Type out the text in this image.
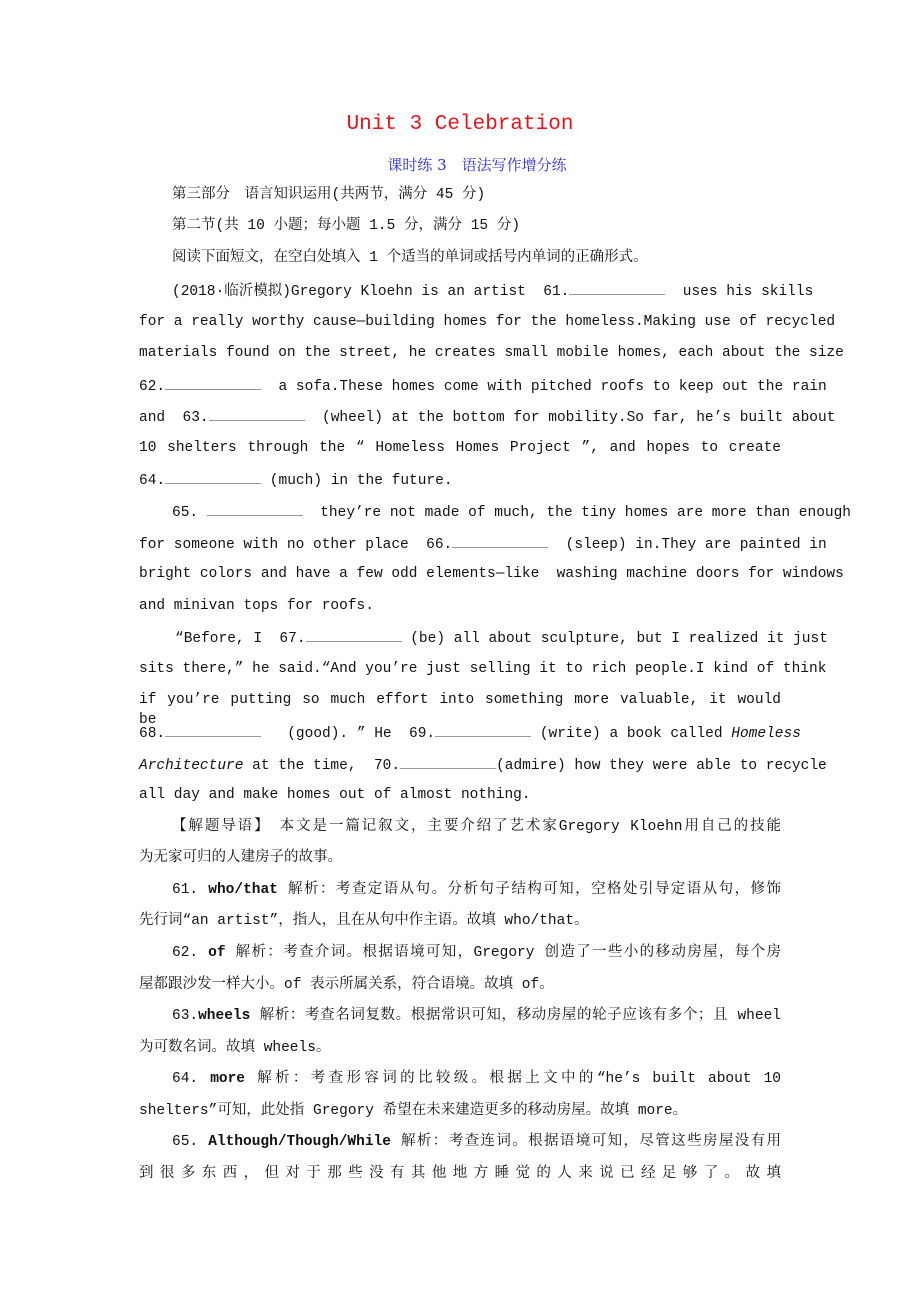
Unit 3 Celebration
课时练 3　语法写作增分练
第三部分　语言知识运用(共两节，满分 45 分)
第二节(共 10 小题；每小题 1.5 分，满分 15 分)
阅读下面短文，在空白处填入 1 个适当的单词或括号内单词的正确形式。
(2018·临沂模拟)Gregory Kloehn is an artist  61.	uses his skills
for a really worthy cause—building homes for the homeless.Making use of recycled
materials found on the street, he creates small mobile homes, each about the size
62.	a sofa.These homes come with pitched roofs to keep out the rain
and  63.	(wheel) at the bottom for mobility.So far, he’s built about
10 shelters through the “ Homeless Homes Project ”, and hopes to create
64.	(much) in the future.
65.	they’re not made of much, the tiny homes are more than enough
for someone with no other place  66.	(sleep) in.They are painted in
bright colors and have a few odd elements—like  washing machine doors for windows
and minivan tops for roofs.
“Before, I  67.	(be) all about sculpture, but I realized it just
sits there,” he said.“And you’re just selling it to rich people.I kind of think
if you’re putting so much effort into something more valuable, it would be
68.	(good). ” He  69.	(write) a book called Homeless
Architecture at the time,  70.	(admire) how they were able to recycle
all day and make homes out of almost nothing.
【解题导语】　本文是一篇记叙文，主要介绍了艺术家Gregory Kloehn用自己的技能
为无家可归的人建房子的故事。
61. who/that 解析：考查定语从句。分析句子结构可知，空格处引导定语从句，修饰
先行词“an artist”，指人，且在从句中作主语。故填 who/that。
62. of 解析：考查介词。根据语境可知，Gregory 创造了一些小的移动房屋，每个房
屋都跟沙发一样大小。of 表示所属关系，符合语境。故填 of。
63.wheels 解析：考查名词复数。根据常识可知，移动房屋的轮子应该有多个；且 wheel
为可数名词。故填 wheels。
64. more 解析：考查形容词的比较级。根据上文中的“he’s built about 10
shelters”可知，此处指 Gregory 希望在未来建造更多的移动房屋。故填 more。
65. Although/Though/While 解析：考查连词。根据语境可知，尽管这些房屋没有用
到很多东西，但对于那些没有其他地方睡觉的人来说已经足够了。故填
